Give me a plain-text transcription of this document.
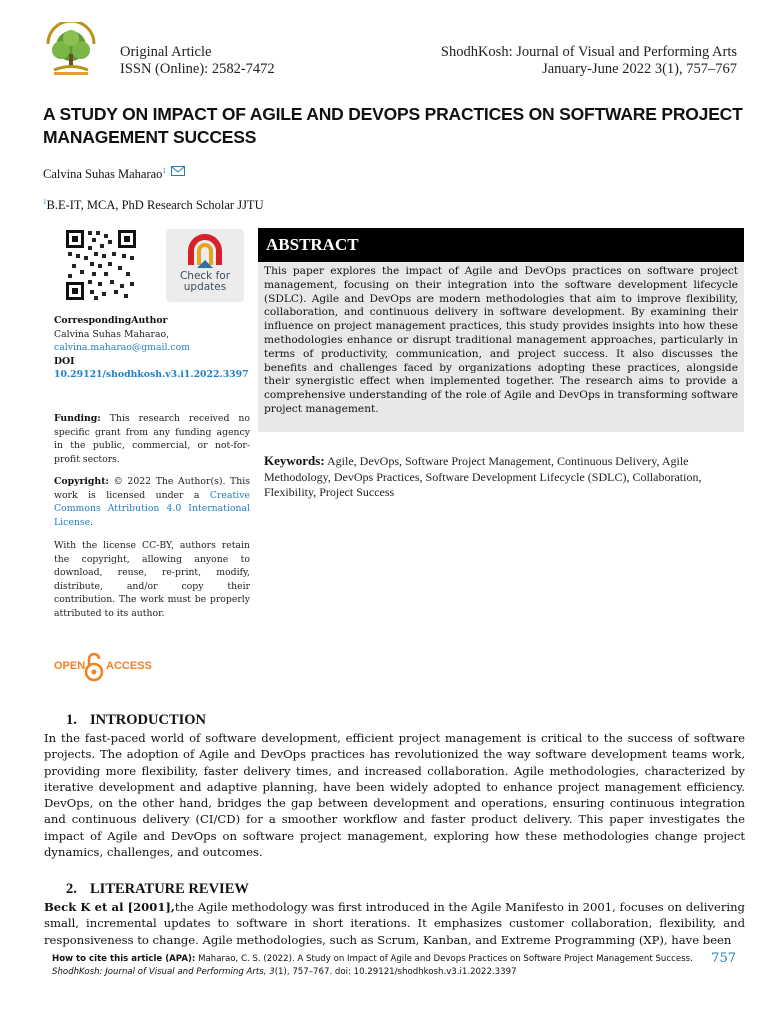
Original Article
ISSN (Online): 2582-7472
ShodhKosh: Journal of Visual and Performing Arts
January-June 2022 3(1), 757–767
A STUDY ON IMPACT OF AGILE AND DEVOPS PRACTICES ON SOFTWARE PROJECT MANAGEMENT SUCCESS
Calvina Suhas Maharao$^1$
$^1$B.E-IT, MCA, PhD Research Scholar JJTU
Check for
updates
CorrespondingAuthor
Calvina Suhas Maharao,
calvina.maharao@gmail.com
DOI
10.29121/shodhkosh.v3.i1.2022.3397
Funding: This research received no specific grant from any funding agency in the public, commercial, or not-for-profit sectors.
Copyright: © 2022 The Author(s). This work is licensed under a Creative Commons Attribution 4.0 International License.
With the license CC-BY, authors retain the copyright, allowing anyone to download, reuse, re-print, modify, distribute, and/or copy their contribution. The work must be properly attributed to its author.
OPEN ACCESS
ABSTRACT
This paper explores the impact of Agile and DevOps practices on software project management, focusing on their integration into the software development lifecycle (SDLC). Agile and DevOps are modern methodologies that aim to improve flexibility, collaboration, and continuous delivery in software development. By examining their influence on project management practices, this study provides insights into how these methodologies enhance or disrupt traditional management approaches, particularly in terms of productivity, communication, and project success. It also discusses the benefits and challenges faced by organizations adopting these practices, alongside their synergistic effect when implemented together. The research aims to provide a comprehensive understanding of the role of Agile and DevOps in transforming software project management.
Keywords: Agile, DevOps, Software Project Management, Continuous Delivery, Agile Methodology, DevOps Practices, Software Development Lifecycle (SDLC), Collaboration, Flexibility, Project Success
1. INTRODUCTION
In the fast-paced world of software development, efficient project management is critical to the success of software projects. The adoption of Agile and DevOps practices has revolutionized the way software development teams work, providing more flexibility, faster delivery times, and increased collaboration. Agile methodologies, characterized by iterative development and adaptive planning, have been widely adopted to enhance project management efficiency. DevOps, on the other hand, bridges the gap between development and operations, ensuring continuous integration and continuous delivery (CI/CD) for a smoother workflow and faster product delivery. This paper investigates the impact of Agile and DevOps on software project management, exploring how these methodologies change project dynamics, challenges, and outcomes.
2. LITERATURE REVIEW
Beck K et al [2001],the Agile methodology was first introduced in the Agile Manifesto in 2001, focuses on delivering small, incremental updates to software in short iterations. It emphasizes customer collaboration, flexibility, and responsiveness to change. Agile methodologies, such as Scrum, Kanban, and Extreme Programming (XP), have been
How to cite this article (APA): Maharao, C. S. (2022). A Study on Impact of Agile and Devops Practices on Software Project Management Success. ShodhKosh: Journal of Visual and Performing Arts, 3(1), 757–767. doi: 10.29121/shodhkosh.v3.i1.2022.3397
757
